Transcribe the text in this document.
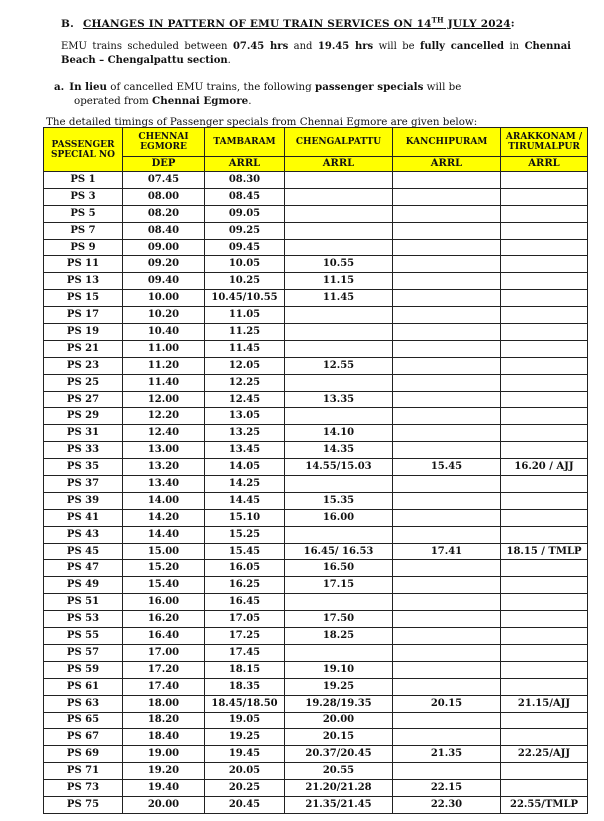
B. CHANGES IN PATTERN OF EMU TRAIN SERVICES ON 14TH JULY 2024:
EMU trains scheduled between 07.45 hrs and 19.45 hrs will be fully cancelled in Chennai Beach – Chengalpattu section.
a. In lieu of cancelled EMU trains, the following passenger specials will be
operated from Chennai Egmore.
The detailed timings of Passenger specials from Chennai Egmore are given below:
PASSENGER SPECIAL NO	CHENNAI EGMORE	TAMBARAM	CHENGALPATTU	KANCHIPURAM	ARAKKONAM / TIRUMALPUR
	DEP	ARRL	ARRL	ARRL	ARRL
PS 1	07.45	08.30			
PS 3	08.00	08.45			
PS 5	08.20	09.05			
PS 7	08.40	09.25			
PS 9	09.00	09.45			
PS 11	09.20	10.05	10.55		
PS 13	09.40	10.25	11.15		
PS 15	10.00	10.45/10.55	11.45		
PS 17	10.20	11.05			
PS 19	10.40	11.25			
PS 21	11.00	11.45			
PS 23	11.20	12.05	12.55		
PS 25	11.40	12.25			
PS 27	12.00	12.45	13.35		
PS 29	12.20	13.05			
PS 31	12.40	13.25	14.10		
PS 33	13.00	13.45	14.35		
PS 35	13.20	14.05	14.55/15.03	15.45	16.20 / AJJ
PS 37	13.40	14.25			
PS 39	14.00	14.45	15.35		
PS 41	14.20	15.10	16.00		
PS 43	14.40	15.25			
PS 45	15.00	15.45	16.45/ 16.53	17.41	18.15 / TMLP
PS 47	15.20	16.05	16.50		
PS 49	15.40	16.25	17.15		
PS 51	16.00	16.45			
PS 53	16.20	17.05	17.50		
PS 55	16.40	17.25	18.25		
PS 57	17.00	17.45			
PS 59	17.20	18.15	19.10		
PS 61	17.40	18.35	19.25		
PS 63	18.00	18.45/18.50	19.28/19.35	20.15	21.15/AJJ
PS 65	18.20	19.05	20.00		
PS 67	18.40	19.25	20.15		
PS 69	19.00	19.45	20.37/20.45	21.35	22.25/AJJ
PS 71	19.20	20.05	20.55		
PS 73	19.40	20.25	21.20/21.28	22.15	
PS 75	20.00	20.45	21.35/21.45	22.30	22.55/TMLP
